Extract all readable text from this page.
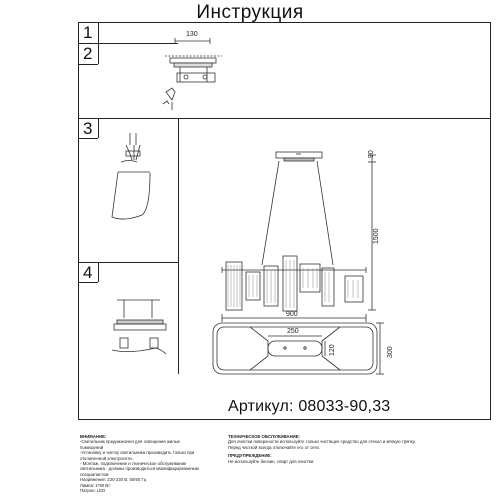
Инструкция
1
2
3
4
130
90
1500
900
250
120	300
Артикул: 08033-90,33
ВНИМАНИЕ:
-Светильник предназначен для освещения жилых
помещений
-Установку и чистку светильника производить только при
отключенной электросети.
- Монтаж, подключение и техническое обслуживание
светильника - должны производиться квалифицированным
специалистом
Напряжение: 220-230 В, 50/60 Гц
Лампа: 1*90 Вт
Патрон: LED
ТЕХНИЧЕСКОЕ ОБСЛУЖИВАНИЕ:
Для очистки поверхности используйте только чистящее средство для стекол и мягкую тряпку.
Перед чисткой всегда отключайте его от сети.
ПРЕДУПРЕЖДЕНИЕ:
Не используйте бензин, спирт для очистки.
